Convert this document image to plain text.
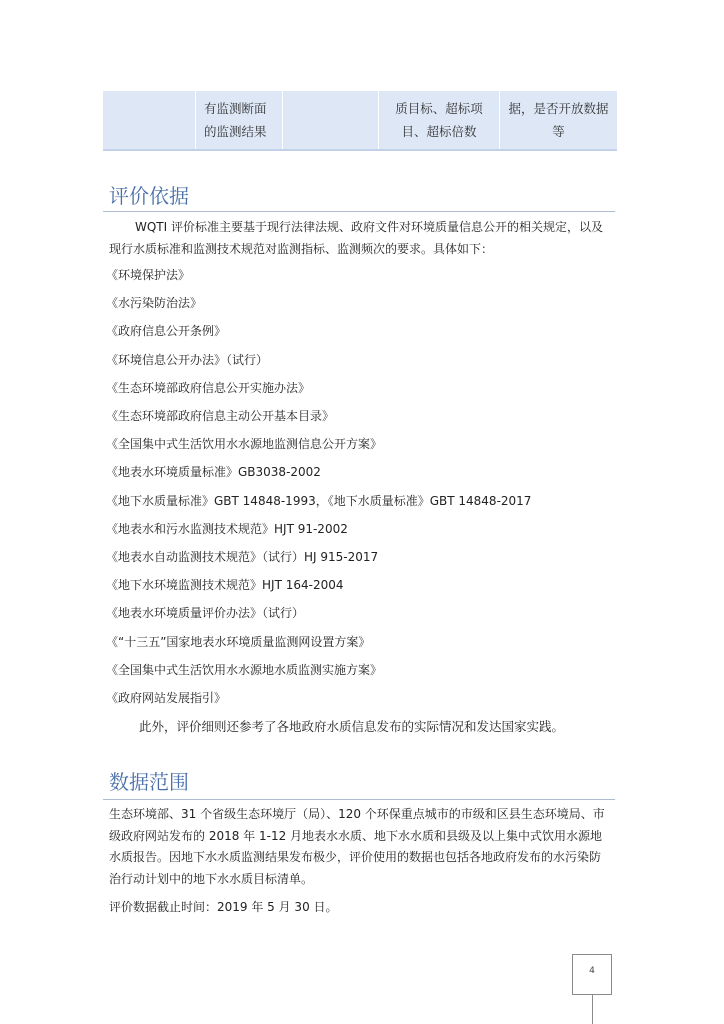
有监测断面
的监测结果
质目标、超标项
目、超标倍数
据，是否开放数据
等
评价依据

WQTI 评价标准主要基于现行法律法规、政府文件对环境质量信息公开的相关规定，以及现行水质标准和监测技术规范对监测指标、监测频次的要求。具体如下：

《环境保护法》
《水污染防治法》
《政府信息公开条例》
《环境信息公开办法》（试行）
《生态环境部政府信息公开实施办法》
《生态环境部政府信息主动公开基本目录》
《全国集中式生活饮用水水源地监测信息公开方案》
《地表水环境质量标准》GB3038-2002
《地下水质量标准》GBT 14848-1993，《地下水质量标准》GBT 14848-2017
《地表水和污水监测技术规范》HJT 91-2002
《地表水自动监测技术规范》（试行）HJ 915-2017
《地下水环境监测技术规范》HJT 164-2004
《地表水环境质量评价办法》（试行）
《“十三五”国家地表水环境质量监测网设置方案》
《全国集中式生活饮用水水源地水质监测实施方案》
《政府网站发展指引》

此外，评价细则还参考了各地政府水质信息发布的实际情况和发达国家实践。

数据范围

生态环境部、31 个省级生态环境厅（局）、120 个环保重点城市的市级和区县生态环境局、市级政府网站发布的 2018 年 1-12 月地表水水质、地下水水质和县级及以上集中式饮用水源地水质报告。因地下水水质监测结果发布极少，评价使用的数据也包括各地政府发布的水污染防治行动计划中的地下水水质目标清单。

评价数据截止时间：2019 年 5 月 30 日。

4
